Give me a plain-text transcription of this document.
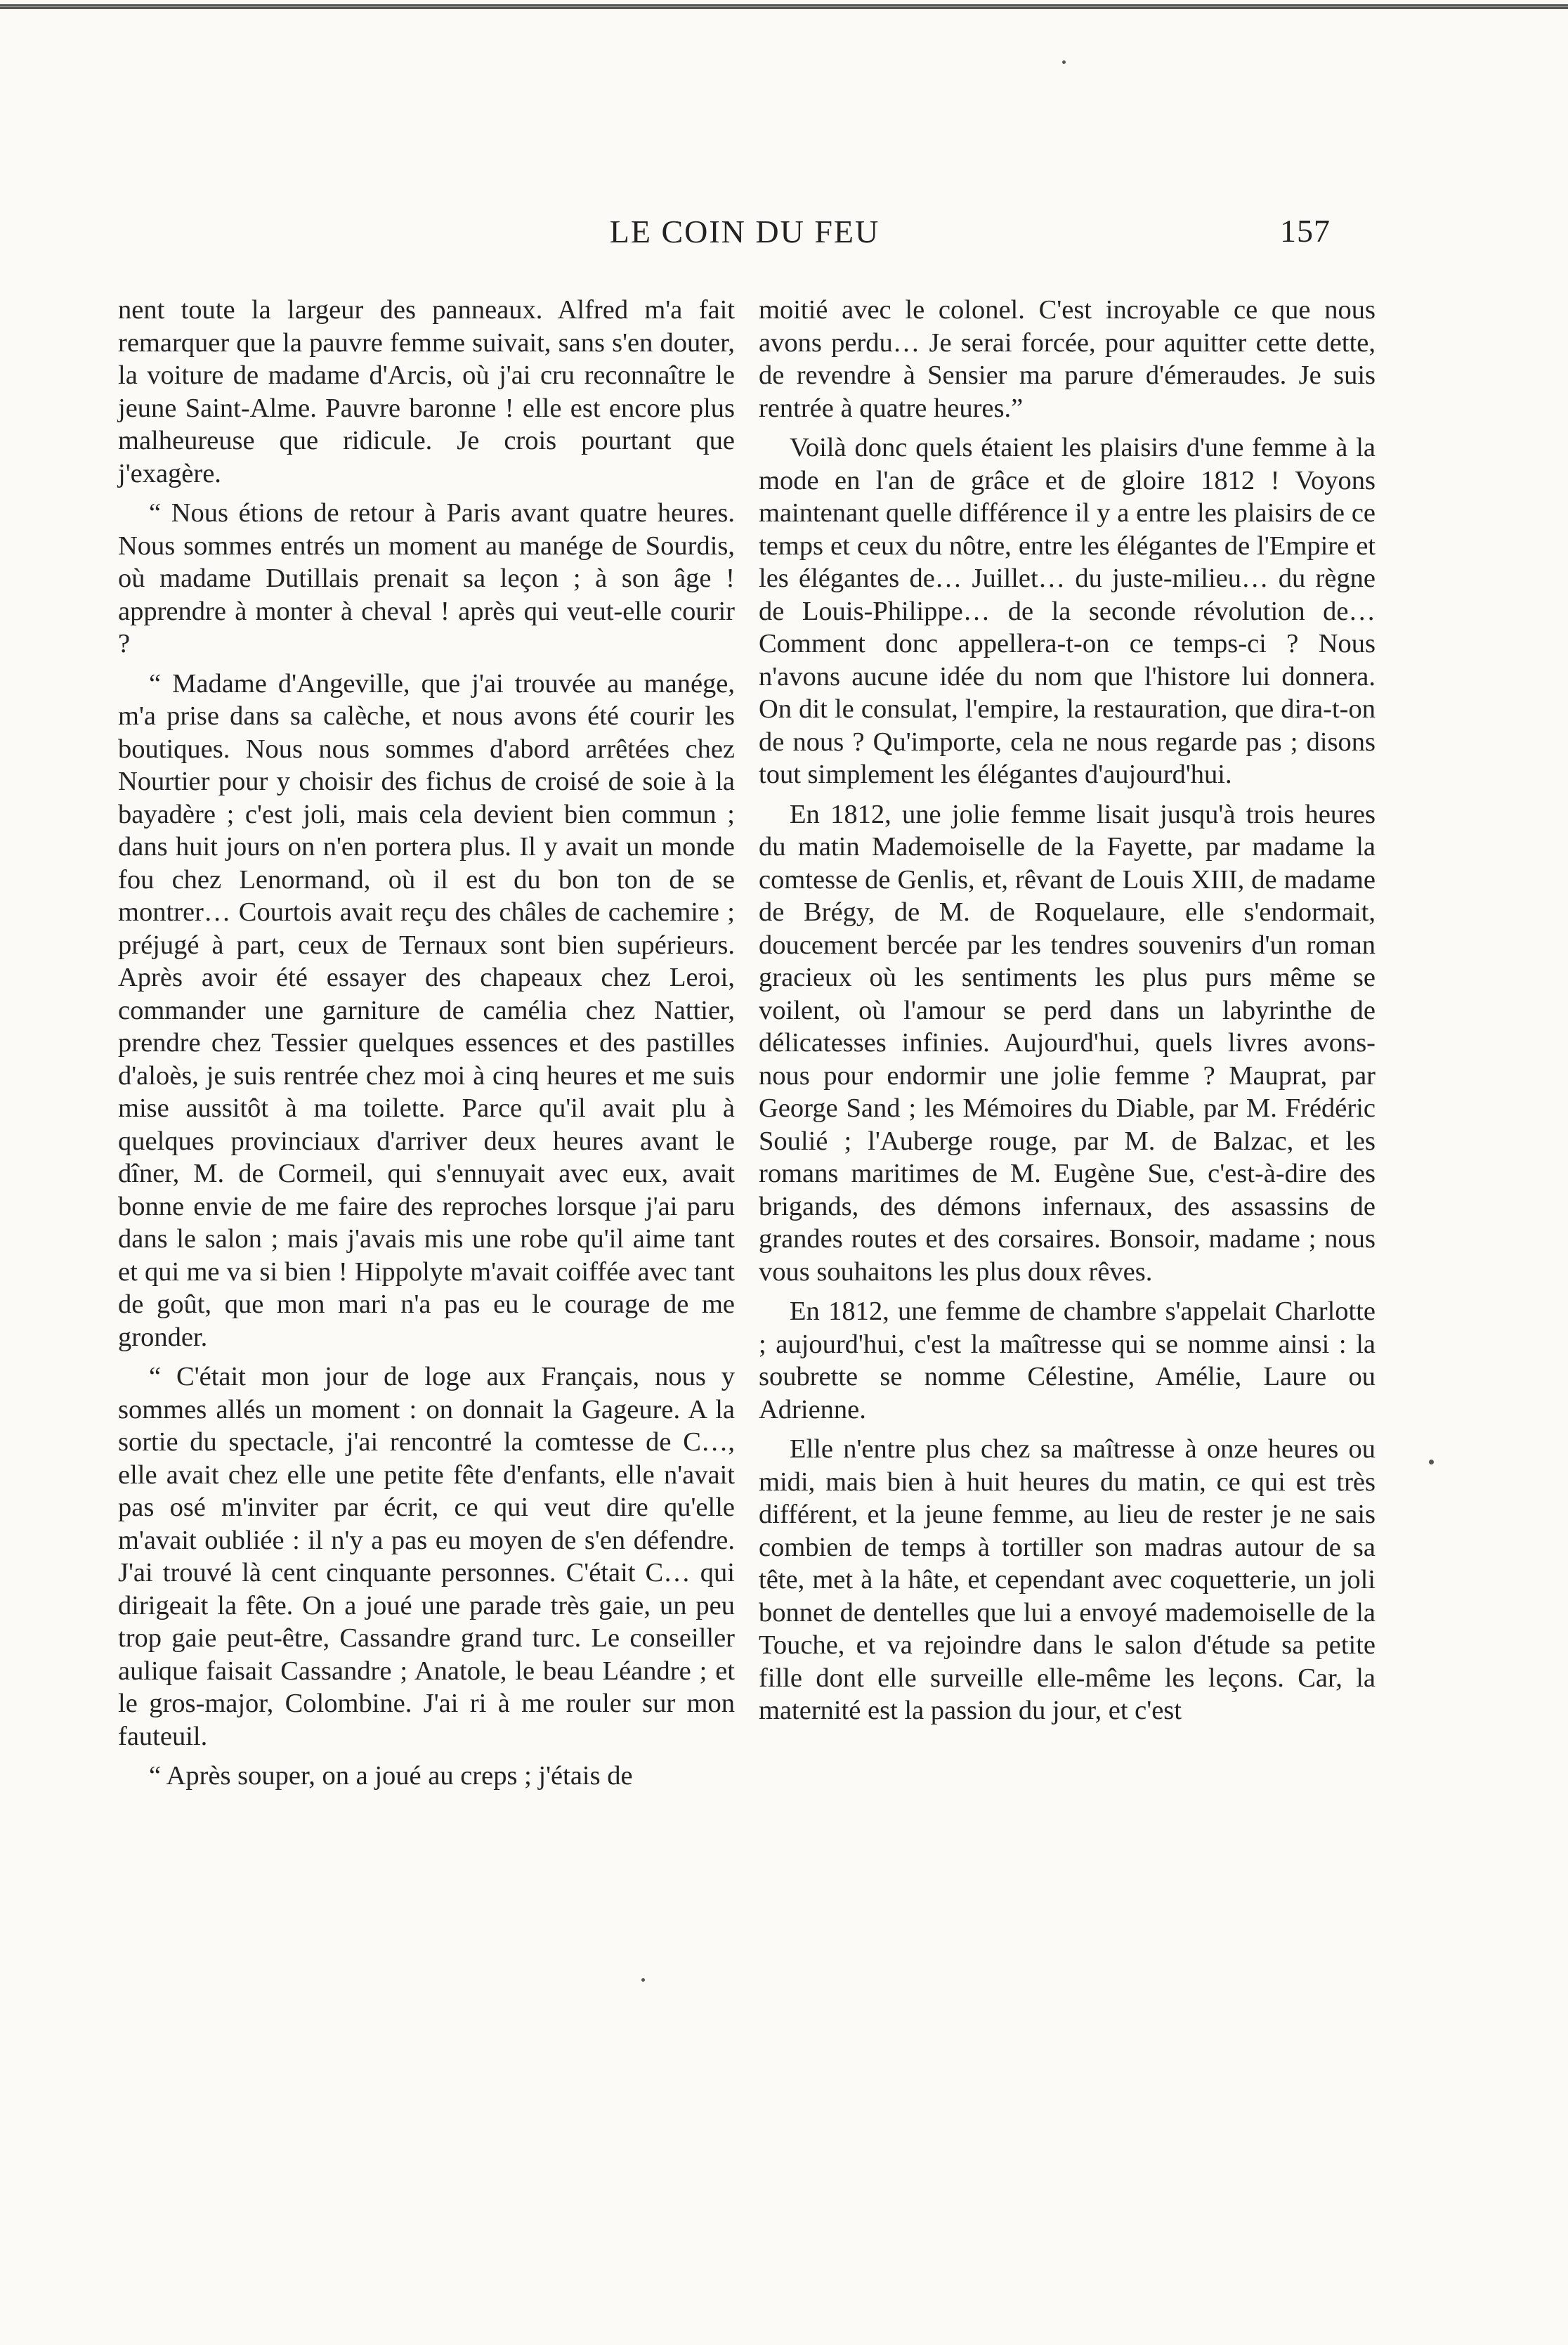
LE COIN DU FEU	157

nent toute la largeur des panneaux. Alfred m'a fait remarquer que la pauvre femme suivait, sans s'en douter, la voiture de madame d'Arcis, où j'ai cru reconnaître le jeune Saint-Alme. Pauvre baronne ! elle est encore plus malheureuse que ridicule. Je crois pourtant que j'exagère.

“ Nous étions de retour à Paris avant quatre heures. Nous sommes entrés un moment au manége de Sourdis, où madame Dutillais prenait sa leçon ; à son âge ! apprendre à monter à cheval ! après qui veut-elle courir ?

“ Madame d'Angeville, que j'ai trouvée au manége, m'a prise dans sa calèche, et nous avons été courir les boutiques. Nous nous sommes d'abord arrêtées chez Nourtier pour y choisir des fichus de croisé de soie à la bayadère ; c'est joli, mais cela devient bien commun ; dans huit jours on n'en portera plus. Il y avait un monde fou chez Lenormand, où il est du bon ton de se montrer… Courtois avait reçu des châles de cachemire ; préjugé à part, ceux de Ternaux sont bien supérieurs. Après avoir été essayer des chapeaux chez Leroi, commander une garniture de camélia chez Nattier, prendre chez Tessier quelques essences et des pastilles d'aloès, je suis rentrée chez moi à cinq heures et me suis mise aussitôt à ma toilette. Parce qu'il avait plu à quelques provinciaux d'arriver deux heures avant le dîner, M. de Cormeil, qui s'ennuyait avec eux, avait bonne envie de me faire des reproches lorsque j'ai paru dans le salon ; mais j'avais mis une robe qu'il aime tant et qui me va si bien ! Hippolyte m'avait coiffée avec tant de goût, que mon mari n'a pas eu le courage de me gronder.

“ C'était mon jour de loge aux Français, nous y sommes allés un moment : on donnait la Gageure. A la sortie du spectacle, j'ai rencontré la comtesse de C…, elle avait chez elle une petite fête d'enfants, elle n'avait pas osé m'inviter par écrit, ce qui veut dire qu'elle m'avait oubliée : il n'y a pas eu moyen de s'en défendre. J'ai trouvé là cent cinquante personnes. C'était C… qui dirigeait la fête. On a joué une parade très gaie, un peu trop gaie peut-être, Cassandre grand turc. Le conseiller aulique faisait Cassandre ; Anatole, le beau Léandre ; et le gros-major, Colombine. J'ai ri à me rouler sur mon fauteuil.

“ Après souper, on a joué au creps ; j'étais de

moitié avec le colonel. C'est incroyable ce que nous avons perdu… Je serai forcée, pour aquitter cette dette, de revendre à Sensier ma parure d'émeraudes. Je suis rentrée à quatre heures.”

Voilà donc quels étaient les plaisirs d'une femme à la mode en l'an de grâce et de gloire 1812 ! Voyons maintenant quelle différence il y a entre les plaisirs de ce temps et ceux du nôtre, entre les élégantes de l'Empire et les élégantes de… Juillet… du juste-milieu… du règne de Louis-Philippe… de la seconde révolution de… Comment donc appellera-t-on ce temps-ci ? Nous n'avons aucune idée du nom que l'histore lui donnera. On dit le consulat, l'empire, la restauration, que dira-t-on de nous ? Qu'importe, cela ne nous regarde pas ; disons tout simplement les élégantes d'aujourd'hui.

En 1812, une jolie femme lisait jusqu'à trois heures du matin Mademoiselle de la Fayette, par madame la comtesse de Genlis, et, rêvant de Louis XIII, de madame de Brégy, de M. de Roquelaure, elle s'endormait, doucement bercée par les tendres souvenirs d'un roman gracieux où les sentiments les plus purs même se voilent, où l'amour se perd dans un labyrinthe de délicatesses infinies. Aujourd'hui, quels livres avons-nous pour endormir une jolie femme ? Mauprat, par George Sand ; les Mémoires du Diable, par M. Frédéric Soulié ; l'Auberge rouge, par M. de Balzac, et les romans maritimes de M. Eugène Sue, c'est-à-dire des brigands, des démons infernaux, des assassins de grandes routes et des corsaires. Bonsoir, madame ; nous vous souhaitons les plus doux rêves.

En 1812, une femme de chambre s'appelait Charlotte ; aujourd'hui, c'est la maîtresse qui se nomme ainsi : la soubrette se nomme Célestine, Amélie, Laure ou Adrienne.

Elle n'entre plus chez sa maîtresse à onze heures ou midi, mais bien à huit heures du matin, ce qui est très différent, et la jeune femme, au lieu de rester je ne sais combien de temps à tortiller son madras autour de sa tête, met à la hâte, et cependant avec coquetterie, un joli bonnet de dentelles que lui a envoyé mademoiselle de la Touche, et va rejoindre dans le salon d'étude sa petite fille dont elle surveille elle-même les leçons. Car, la maternité est la passion du jour, et c'est
